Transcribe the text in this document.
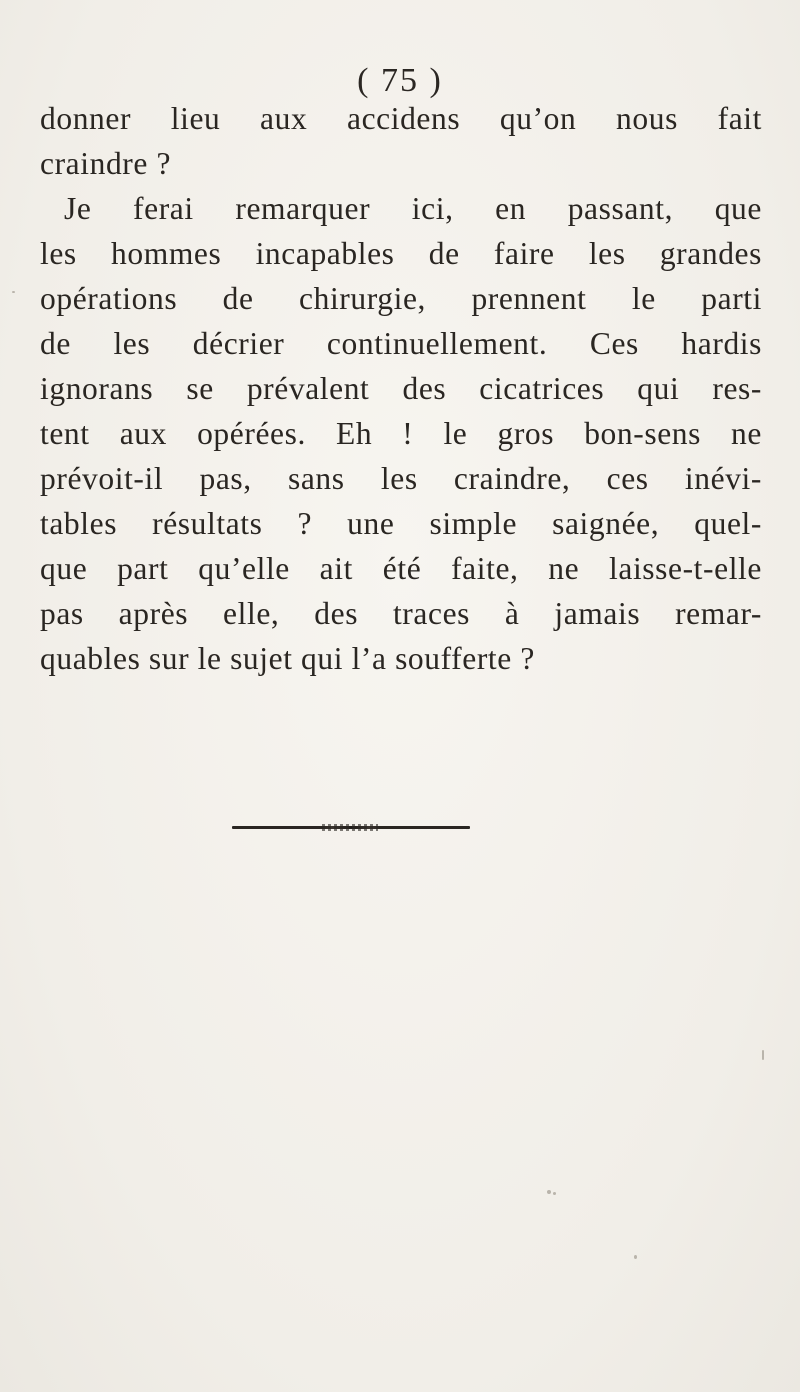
( 75 )
donner lieu aux accidens qu’on nous fait
craindre ?
Je ferai remarquer ici, en passant, que
les hommes incapables de faire les grandes
opérations de chirurgie, prennent le parti
de les décrier continuellement. Ces hardis
ignorans se prévalent des cicatrices qui res-
tent aux opérées. Eh ! le gros bon-sens ne
prévoit-il pas, sans les craindre, ces inévi-
tables résultats ? une simple saignée, quel-
que part qu’elle ait été faite, ne laisse-t-elle
pas après elle, des traces à jamais remar-
quables sur le sujet qui l’a soufferte ?
